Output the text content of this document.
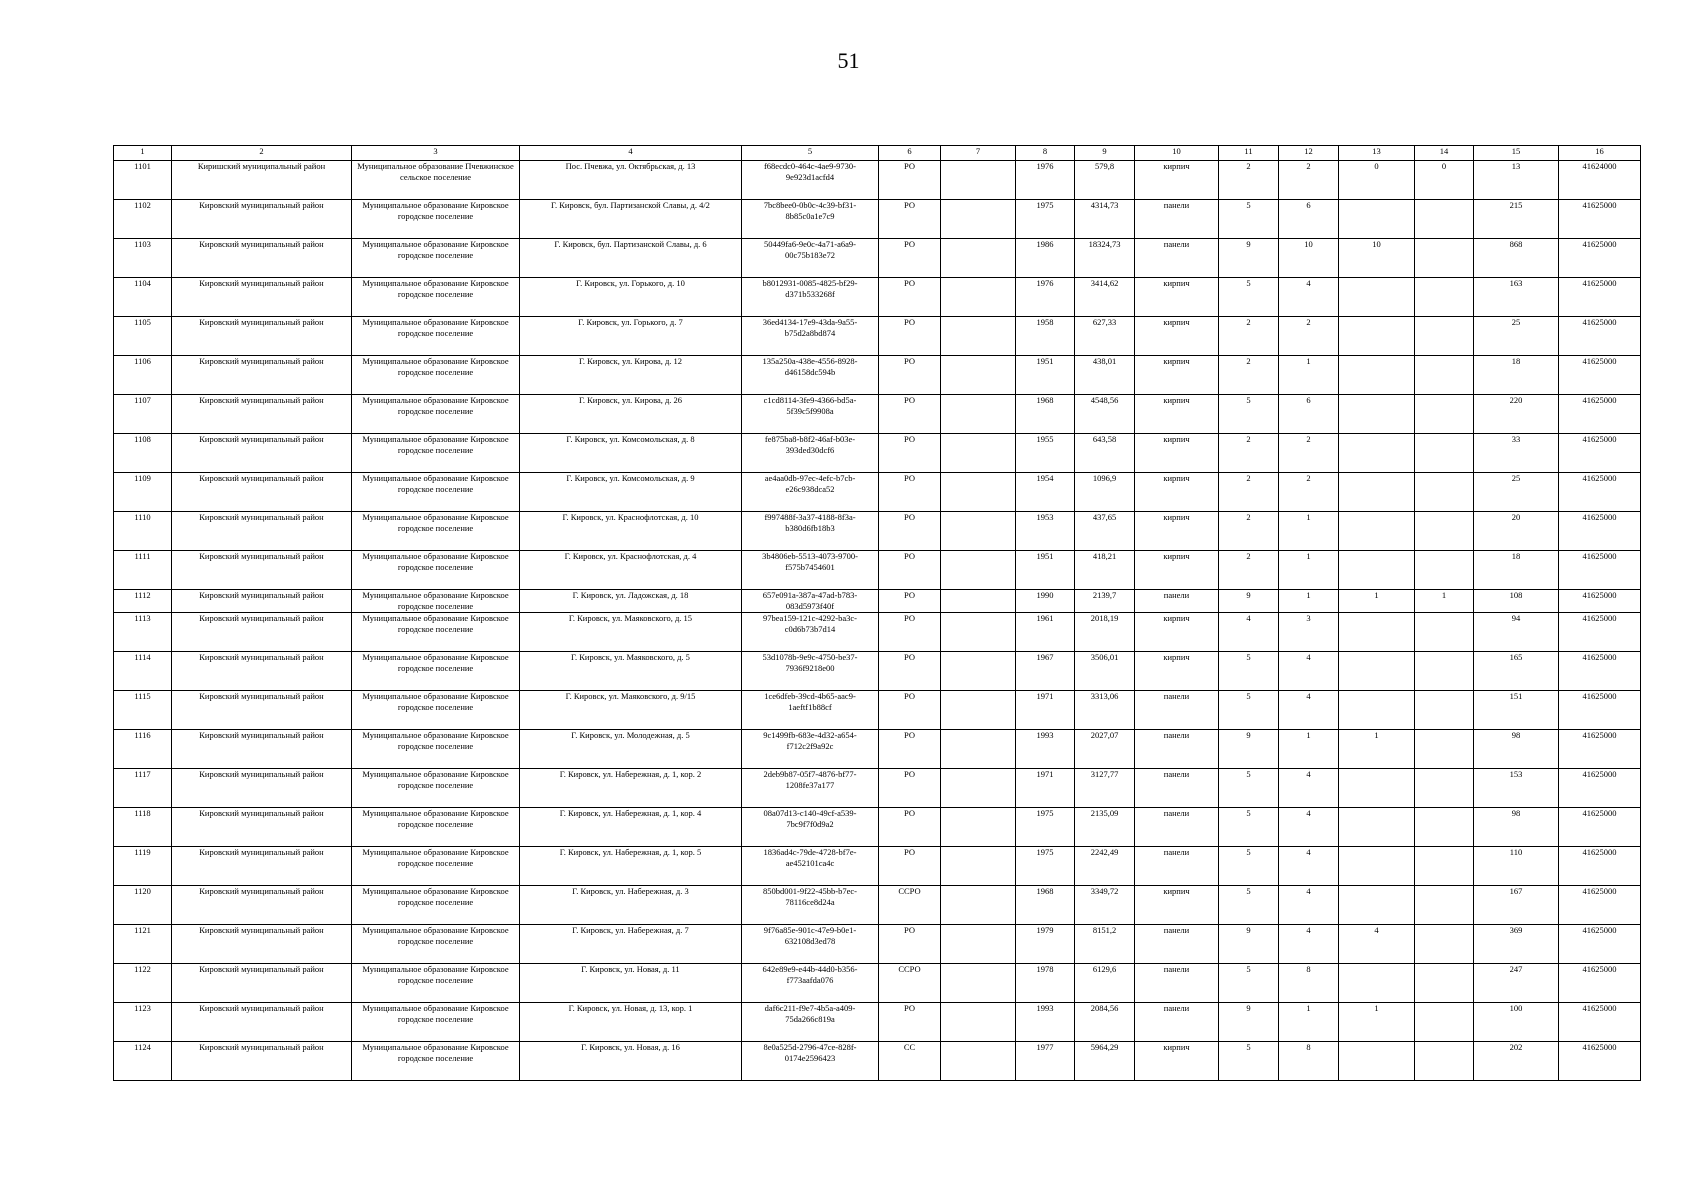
51
1	2	3	4	5	6	7	8	9	10	11	12	13	14	15	16
1101	Киришский муниципальный район	Муниципальное образование Пчевжинское сельское поселение	Пос. Пчевжа, ул. Октябрьская, д. 13	f68ecdc0-464c-4ae9-9730-9e923d1acfd4	РО		1976	579,8	кирпич	2	2	0	0	13	41624000
1102	Кировский муниципальный район	Муниципальное образование Кировское городское поселение	Г. Кировск, бул. Партизанской Славы, д. 4/2	7bc8bee0-0b0c-4c39-bf31-8b85c0a1e7c9	РО		1975	4314,73	панели	5	6			215	41625000
1103	Кировский муниципальный район	Муниципальное образование Кировское городское поселение	Г. Кировск, бул. Партизанской Славы, д. 6	50449fa6-9e0c-4a71-a6a9-00c75b183e72	РО		1986	18324,73	панели	9	10	10		868	41625000
1104	Кировский муниципальный район	Муниципальное образование Кировское городское поселение	Г. Кировск, ул. Горького, д. 10	b8012931-0085-4825-bf29-d371b533268f	РО		1976	3414,62	кирпич	5	4			163	41625000
1105	Кировский муниципальный район	Муниципальное образование Кировское городское поселение	Г. Кировск, ул. Горького, д. 7	36ed4134-17e9-43da-9a55-b75d2a8bd874	РО		1958	627,33	кирпич	2	2			25	41625000
1106	Кировский муниципальный район	Муниципальное образование Кировское городское поселение	Г. Кировск, ул. Кирова, д. 12	135a250a-438e-4556-8928-d46158dc594b	РО		1951	438,01	кирпич	2	1			18	41625000
1107	Кировский муниципальный район	Муниципальное образование Кировское городское поселение	Г. Кировск, ул. Кирова, д. 26	c1cd8114-3fe9-4366-bd5a-5f39c5f9908a	РО		1968	4548,56	кирпич	5	6			220	41625000
1108	Кировский муниципальный район	Муниципальное образование Кировское городское поселение	Г. Кировск, ул. Комсомольская, д. 8	fe875ba8-b8f2-46af-b03e-393ded30dcf6	РО		1955	643,58	кирпич	2	2			33	41625000
1109	Кировский муниципальный район	Муниципальное образование Кировское городское поселение	Г. Кировск, ул. Комсомольская, д. 9	ae4aa0db-97ec-4efc-b7cb-e26c938dca52	РО		1954	1096,9	кирпич	2	2			25	41625000
1110	Кировский муниципальный район	Муниципальное образование Кировское городское поселение	Г. Кировск, ул. Краснофлотская, д. 10	f997488f-3a37-4188-8f3a-b380d6fb18b3	РО		1953	437,65	кирпич	2	1			20	41625000
1111	Кировский муниципальный район	Муниципальное образование Кировское городское поселение	Г. Кировск, ул. Краснофлотская, д. 4	3b4806eb-5513-4073-9700-f575b7454601	РО		1951	418,21	кирпич	2	1			18	41625000
1112	Кировский муниципальный район	Муниципальное образование Кировское городское поселение	Г. Кировск, ул. Ладожская, д. 18	657e091a-387a-47ad-b783-083d5973f40f	РО		1990	2139,7	панели	9	1	1	1	108	41625000
1113	Кировский муниципальный район	Муниципальное образование Кировское городское поселение	Г. Кировск, ул. Маяковского, д. 15	97bea159-121c-4292-ba3c-c0d6b73b7d14	РО		1961	2018,19	кирпич	4	3			94	41625000
1114	Кировский муниципальный район	Муниципальное образование Кировское городское поселение	Г. Кировск, ул. Маяковского, д. 5	53d1078b-9e9c-4750-be37-7936f9218e00	РО		1967	3506,01	кирпич	5	4			165	41625000
1115	Кировский муниципальный район	Муниципальное образование Кировское городское поселение	Г. Кировск, ул. Маяковского, д. 9/15	1ce6dfeb-39cd-4b65-aac9-1aeftf1b88cf	РО		1971	3313,06	панели	5	4			151	41625000
1116	Кировский муниципальный район	Муниципальное образование Кировское городское поселение	Г. Кировск, ул. Молодежная, д. 5	9c1499fb-683e-4d32-a654-f712c2f9a92c	РО		1993	2027,07	панели	9	1	1		98	41625000
1117	Кировский муниципальный район	Муниципальное образование Кировское городское поселение	Г. Кировск, ул. Набережная, д. 1, кор. 2	2deb9b87-05f7-4876-bf77-1208fe37a177	РО		1971	3127,77	панели	5	4			153	41625000
1118	Кировский муниципальный район	Муниципальное образование Кировское городское поселение	Г. Кировск, ул. Набережная, д. 1, кор. 4	08a07d13-c140-49cf-a539-7bc9f7f0d9a2	РО		1975	2135,09	панели	5	4			98	41625000
1119	Кировский муниципальный район	Муниципальное образование Кировское городское поселение	Г. Кировск, ул. Набережная, д. 1, кор. 5	1836ad4c-79de-4728-bf7e-ae452101ca4c	РО		1975	2242,49	панели	5	4			110	41625000
1120	Кировский муниципальный район	Муниципальное образование Кировское городское поселение	Г. Кировск, ул. Набережная, д. 3	850bd001-9f22-45bb-b7ec-78116ce8d24a	ССРО		1968	3349,72	кирпич	5	4			167	41625000
1121	Кировский муниципальный район	Муниципальное образование Кировское городское поселение	Г. Кировск, ул. Набережная, д. 7	9f76a85e-901c-47e9-b0e1-632108d3ed78	РО		1979	8151,2	панели	9	4	4		369	41625000
1122	Кировский муниципальный район	Муниципальное образование Кировское городское поселение	Г. Кировск, ул. Новая, д. 11	642e89e9-e44b-44d0-b356-f773aafda076	ССРО		1978	6129,6	панели	5	8			247	41625000
1123	Кировский муниципальный район	Муниципальное образование Кировское городское поселение	Г. Кировск, ул. Новая, д. 13, кор. 1	daf6c211-f9e7-4b5a-a409-75da266c819a	РО		1993	2084,56	панели	9	1	1		100	41625000
1124	Кировский муниципальный район	Муниципальное образование Кировское городское поселение	Г. Кировск, ул. Новая, д. 16	8e0a525d-2796-47ce-828f-0174e2596423	СС		1977	5964,29	кирпич	5	8			202	41625000
